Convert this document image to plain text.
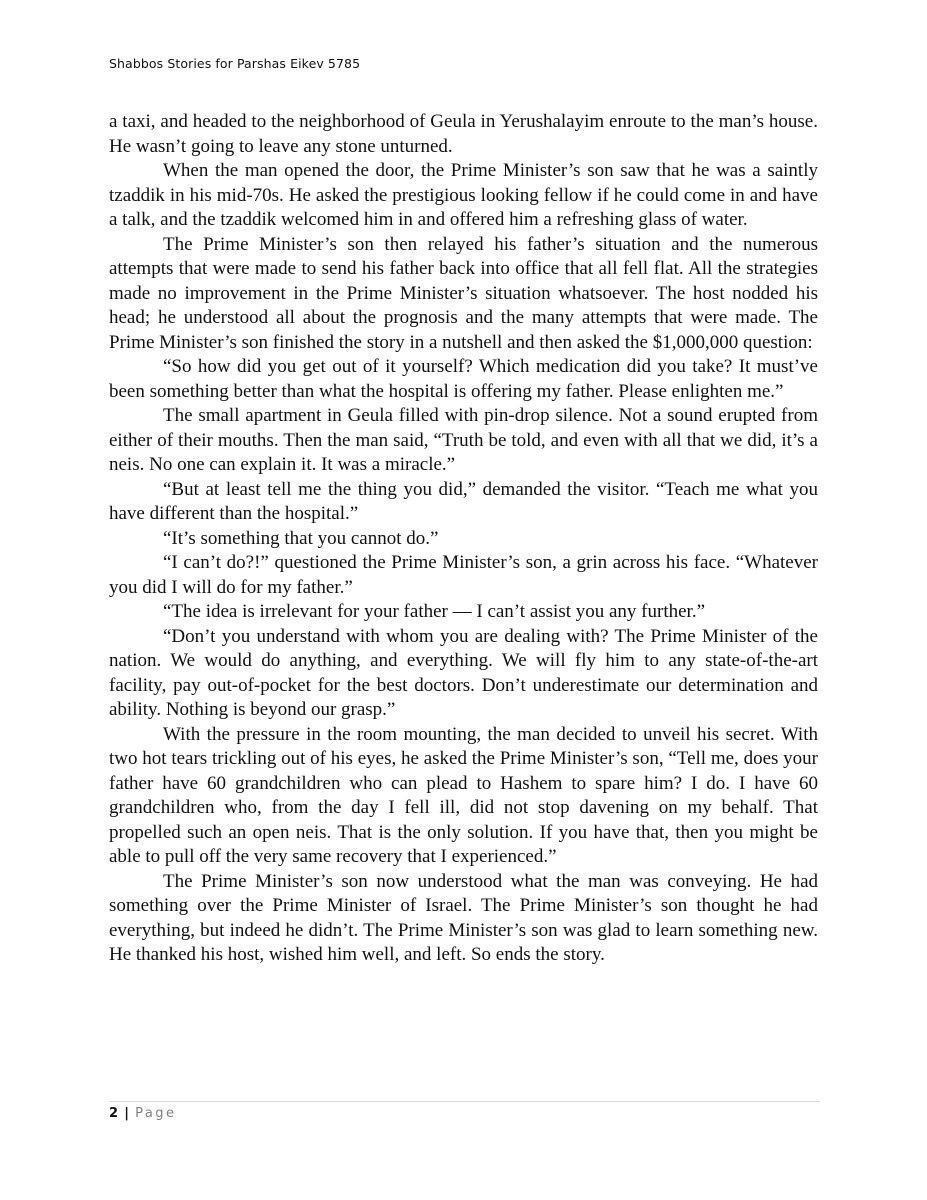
Shabbos Stories for Parshas Eikev 5785

a taxi, and headed to the neighborhood of Geula in Yerushalayim enroute to the man’s house. He wasn’t going to leave any stone unturned.

When the man opened the door, the Prime Minister’s son saw that he was a saintly tzaddik in his mid-70s. He asked the prestigious looking fellow if he could come in and have a talk, and the tzaddik welcomed him in and offered him a refreshing glass of water.

The Prime Minister’s son then relayed his father’s situation and the numerous attempts that were made to send his father back into office that all fell flat. All the strategies made no improvement in the Prime Minister’s situation whatsoever. The host nodded his head; he understood all about the prognosis and the many attempts that were made. The Prime Minister’s son finished the story in a nutshell and then asked the $1,000,000 question:

“So how did you get out of it yourself? Which medication did you take? It must’ve been something better than what the hospital is offering my father. Please enlighten me.”

The small apartment in Geula filled with pin-drop silence. Not a sound erupted from either of their mouths. Then the man said, “Truth be told, and even with all that we did, it’s a neis. No one can explain it. It was a miracle.”

“But at least tell me the thing you did,” demanded the visitor. “Teach me what you have different than the hospital.”

“It’s something that you cannot do.”

“I can’t do?!” questioned the Prime Minister’s son, a grin across his face. “Whatever you did I will do for my father.”

“The idea is irrelevant for your father — I can’t assist you any further.”

“Don’t you understand with whom you are dealing with? The Prime Minister of the nation. We would do anything, and everything. We will fly him to any state-of-the-art facility, pay out-of-pocket for the best doctors. Don’t underestimate our determination and ability. Nothing is beyond our grasp.”

With the pressure in the room mounting, the man decided to unveil his secret. With two hot tears trickling out of his eyes, he asked the Prime Minister’s son, “Tell me, does your father have 60 grandchildren who can plead to Hashem to spare him? I do. I have 60 grandchildren who, from the day I fell ill, did not stop davening on my behalf. That propelled such an open neis. That is the only solution. If you have that, then you might be able to pull off the very same recovery that I experienced.”

The Prime Minister’s son now understood what the man was conveying. He had something over the Prime Minister of Israel. The Prime Minister’s son thought he had everything, but indeed he didn’t. The Prime Minister’s son was glad to learn something new. He thanked his host, wished him well, and left. So ends the story.

2 | Page
